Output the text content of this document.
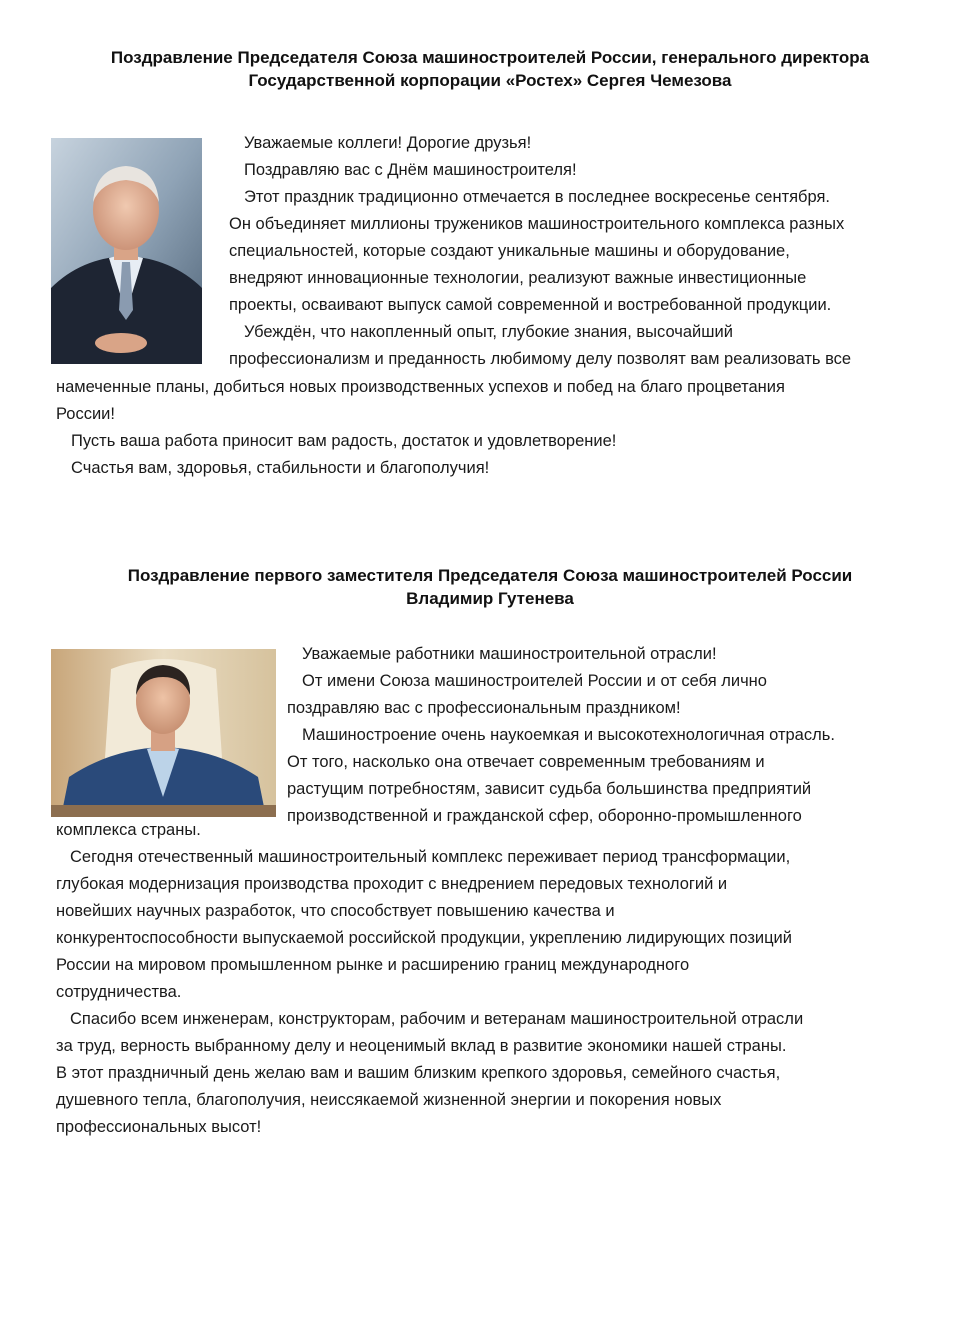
Поздравление Председателя Союза машиностроителей России, генерального директора
Государственной корпорации «Ростех» Сергея Чемезова

Уважаемые коллеги! Дорогие друзья!

Поздравляю вас с Днём машиностроителя!

Этот праздник традиционно отмечается в последнее воскресенье сентября.

Он объединяет миллионы тружеников машиностроительного комплекса разных

специальностей, которые создают уникальные машины и оборудование,

внедряют инновационные технологии, реализуют важные инвестиционные

проекты, осваивают выпуск самой современной и востребованной продукции.

Убеждён, что накопленный опыт, глубокие знания, высочайший

профессионализм и преданность любимому делу позволят вам реализовать все

намеченные планы, добиться новых производственных успехов и побед на благо процветания

России!

Пусть ваша работа приносит вам радость, достаток и удовлетворение!

Счастья вам, здоровья, стабильности и благополучия!

Поздравление первого заместителя Председателя Союза машиностроителей России
Владимир Гутенева

Уважаемые работники машиностроительной отрасли!

От имени Союза машиностроителей России и от себя лично

поздравляю вас с профессиональным праздником!

Машиностроение очень наукоемкая и высокотехнологичная отрасль.

От того, насколько она отвечает современным требованиям и

растущим потребностям, зависит судьба большинства предприятий

производственной и гражданской сфер, оборонно-промышленного

комплекса страны.

Сегодня отечественный машиностроительный комплекс переживает период трансформации,

глубокая модернизация производства проходит с внедрением передовых технологий и

новейших научных разработок, что способствует повышению качества и

конкурентоспособности выпускаемой российской продукции, укреплению лидирующих позиций

России на мировом промышленном рынке и расширению границ международного

сотрудничества.

Спасибо всем инженерам, конструкторам, рабочим и ветеранам машиностроительной отрасли

за труд, верность выбранному делу и неоценимый вклад в развитие экономики нашей страны.

В этот праздничный день желаю вам и вашим близким крепкого здоровья, семейного счастья,

душевного тепла, благополучия, неиссякаемой жизненной энергии и покорения новых

профессиональных высот!
